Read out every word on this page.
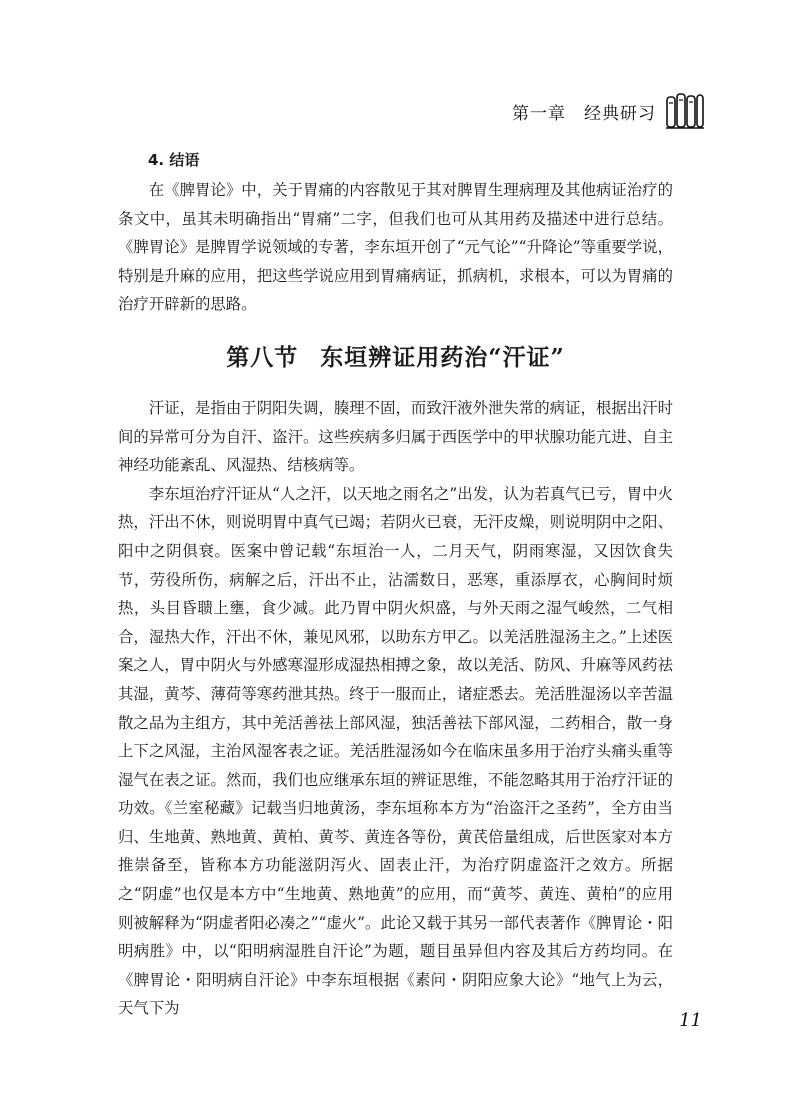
第一章　经典研习
4. 结语

在《脾胃论》中，关于胃痛的内容散见于其对脾胃生理病理及其他病证治疗的条文中，虽其未明确指出“胃痛”二字，但我们也可从其用药及描述中进行总结。《脾胃论》是脾胃学说领域的专著，李东垣开创了“元气论”“升降论”等重要学说，特别是升麻的应用，把这些学说应用到胃痛病证，抓病机，求根本，可以为胃痛的治疗开辟新的思路。

第八节 东垣辨证用药治“汗证”

汗证，是指由于阴阳失调，腠理不固，而致汗液外泄失常的病证，根据出汗时间的异常可分为自汗、盗汗。这些疾病多归属于西医学中的甲状腺功能亢进、自主神经功能紊乱、风湿热、结核病等。

李东垣治疗汗证从“人之汗，以天地之雨名之”出发，认为若真气已亏，胃中火热，汗出不休，则说明胃中真气已竭；若阴火已衰，无汗皮燥，则说明阴中之阳、阳中之阴俱衰。医案中曾记载“东垣治一人，二月天气，阴雨寒湿，又因饮食失节，劳役所伤，病解之后，汗出不止，沾濡数日，恶寒，重添厚衣，心胸间时烦热，头目昏聩上壅，食少减。此乃胃中阴火炽盛，与外天雨之湿气峻然，二气相合，湿热大作，汗出不休，兼见风邪，以助东方甲乙。以羌活胜湿汤主之。”上述医案之人，胃中阴火与外感寒湿形成湿热相搏之象，故以羌活、防风、升麻等风药祛其湿，黄芩、薄荷等寒药泄其热。终于一服而止，诸症悉去。羌活胜湿汤以辛苦温散之品为主组方，其中羌活善祛上部风湿，独活善祛下部风湿，二药相合，散一身上下之风湿，主治风湿客表之证。羌活胜湿汤如今在临床虽多用于治疗头痛头重等湿气在表之证。然而，我们也应继承东垣的辨证思维，不能忽略其用于治疗汗证的功效。《兰室秘藏》记载当归地黄汤，李东垣称本方为“治盗汗之圣药”，全方由当归、生地黄、熟地黄、黄柏、黄芩、黄连各等份，黄芪倍量组成，后世医家对本方推崇备至，皆称本方功能滋阴泻火、固表止汗，为治疗阴虚盗汗之效方。所据之“阴虚”也仅是本方中“生地黄、熟地黄”的应用，而“黄芩、黄连、黄柏”的应用则被解释为“阴虚者阳必凑之”“虚火”。此论又载于其另一部代表著作《脾胃论・阳明病胜》中，以“阳明病湿胜自汗论”为题，题目虽异但内容及其后方药均同。在《脾胃论・阳明病自汗论》中李东垣根据《素问・阴阳应象大论》“地气上为云，天气下为

11
